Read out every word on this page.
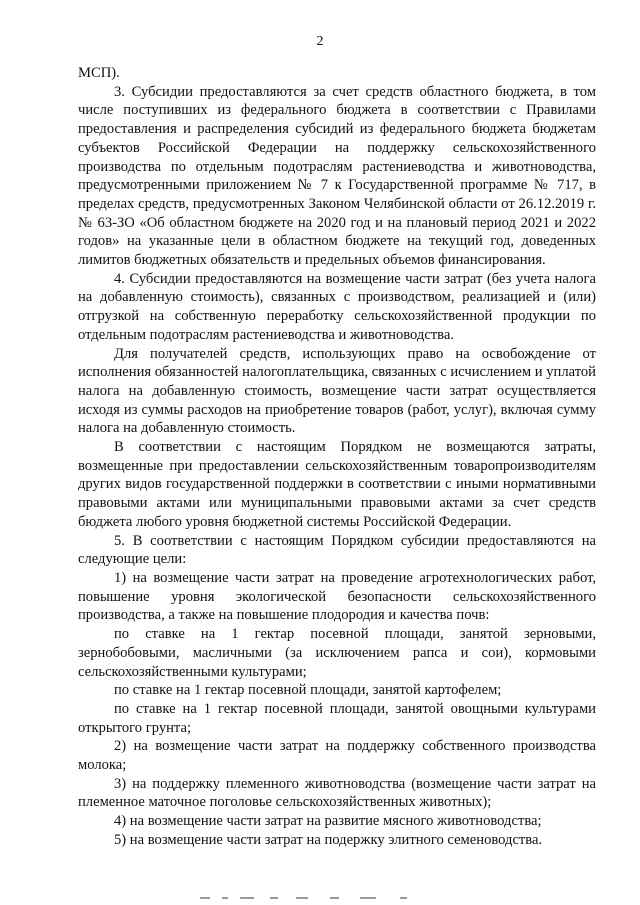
2

МСП).

3. Субсидии предоставляются за счет средств областного бюджета, в том числе поступивших из федерального бюджета в соответствии с Правилами предоставления и распределения субсидий из федерального бюджета бюджетам субъектов Российской Федерации на поддержку сельскохозяйственного производства по отдельным подотраслям растениеводства и животноводства, предусмотренными приложением № 7 к Государственной программе № 717, в пределах средств, предусмотренных Законом Челябинской области от 26.12.2019 г. № 63-ЗО «Об областном бюджете на 2020 год и на плановый период 2021 и 2022 годов» на указанные цели в областном бюджете на текущий год, доведенных лимитов бюджетных обязательств и предельных объемов финансирования.

4. Субсидии предоставляются на возмещение части затрат (без учета налога на добавленную стоимость), связанных с производством, реализацией и (или) отгрузкой на собственную переработку сельскохозяйственной продукции по отдельным подотраслям растениеводства и животноводства.

Для получателей средств, использующих право на освобождение от исполнения обязанностей налогоплательщика, связанных с исчислением и уплатой налога на добавленную стоимость, возмещение части затрат осуществляется исходя из суммы расходов на приобретение товаров (работ, услуг), включая сумму налога на добавленную стоимость.

В соответствии с настоящим Порядком не возмещаются затраты, возмещенные при предоставлении сельскохозяйственным товаропроизводителям других видов государственной поддержки в соответствии с иными нормативными правовыми актами или муниципальными правовыми актами за счет средств бюджета любого уровня бюджетной системы Российской Федерации.

5. В соответствии с настоящим Порядком субсидии предоставляются на следующие цели:

1) на возмещение части затрат на проведение агротехнологических работ, повышение уровня экологической безопасности сельскохозяйственного производства, а также на повышение плодородия и качества почв:

по ставке на 1 гектар посевной площади, занятой зерновыми, зернобобовыми, масличными (за исключением рапса и сои), кормовыми сельскохозяйственными культурами;

по ставке на 1 гектар посевной площади, занятой картофелем;

по ставке на 1 гектар посевной площади, занятой овощными культурами открытого грунта;

2) на возмещение части затрат на поддержку собственного производства молока;

3) на поддержку племенного животноводства (возмещение части затрат на племенное маточное поголовье сельскохозяйственных животных);

4) на возмещение части затрат на развитие мясного животноводства;

5) на возмещение части затрат на подержку элитного семеноводства.
